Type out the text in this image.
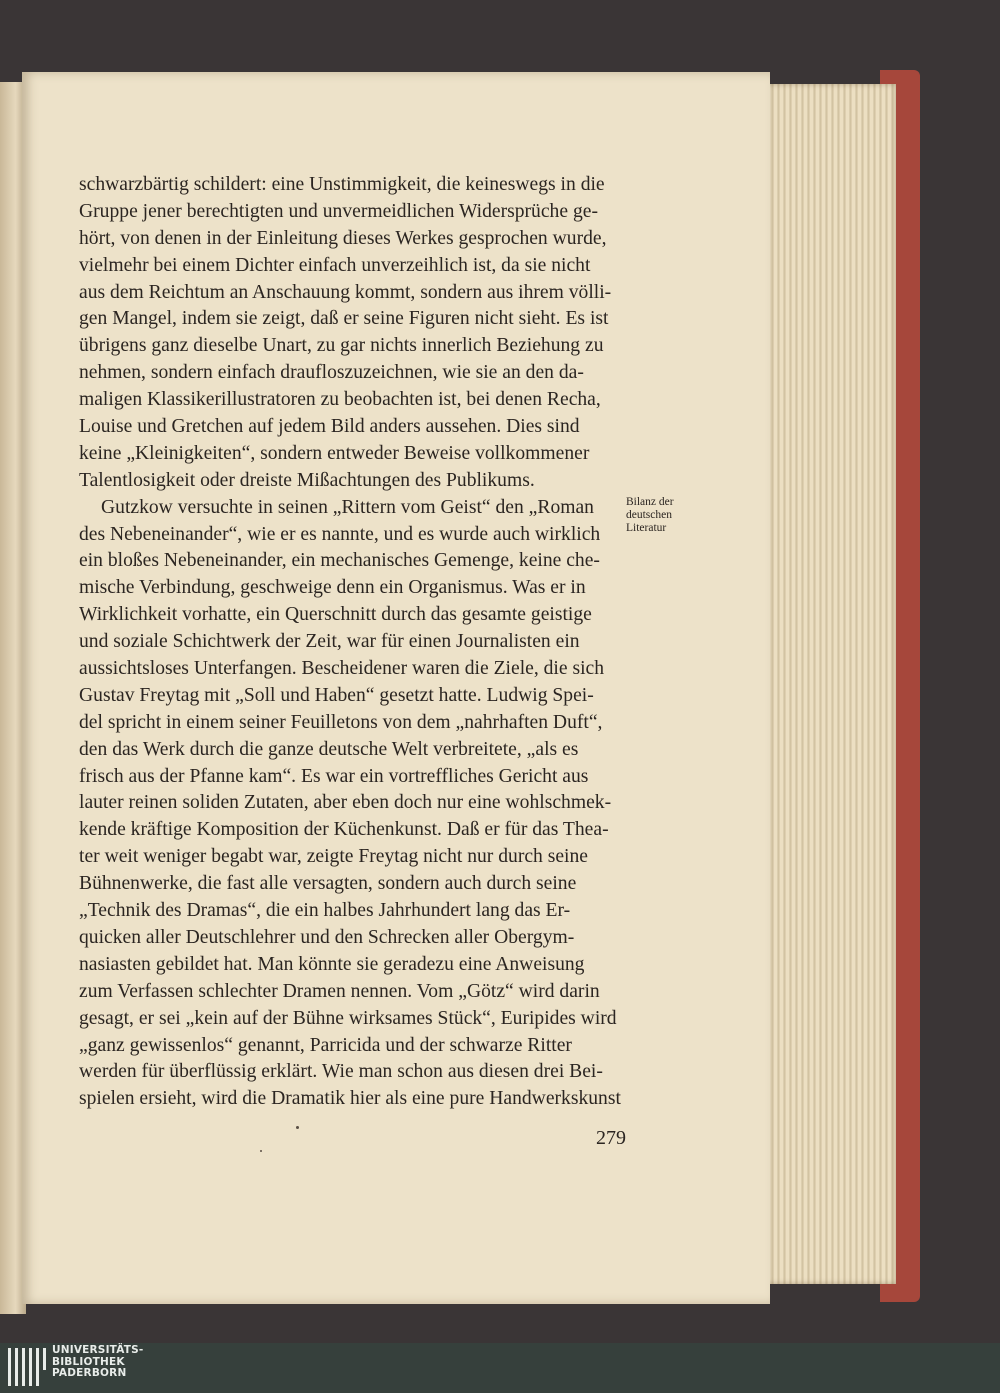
schwarzbärtig schildert: eine Unstimmigkeit, die keineswegs in die
Gruppe jener berechtigten und unvermeidlichen Widersprüche ge-
hört, von denen in der Einleitung dieses Werkes gesprochen wurde,
vielmehr bei einem Dichter einfach unverzeihlich ist, da sie nicht
aus dem Reichtum an Anschauung kommt, sondern aus ihrem völli-
gen Mangel, indem sie zeigt, daß er seine Figuren nicht sieht. Es ist
übrigens ganz dieselbe Unart, zu gar nichts innerlich Beziehung zu
nehmen, sondern einfach draufloszuzeichnen, wie sie an den da-
maligen Klassikerillustratoren zu beobachten ist, bei denen Recha,
Louise und Gretchen auf jedem Bild anders aussehen. Dies sind
keine „Kleinigkeiten“, sondern entweder Beweise vollkommener
Talentlosigkeit oder dreiste Mißachtungen des Publikums.
Gutzkow versuchte in seinen „Rittern vom Geist“ den „Roman
des Nebeneinander“, wie er es nannte, und es wurde auch wirklich
ein bloßes Nebeneinander, ein mechanisches Gemenge, keine che-
mische Verbindung, geschweige denn ein Organismus. Was er in
Wirklichkeit vorhatte, ein Querschnitt durch das gesamte geistige
und soziale Schichtwerk der Zeit, war für einen Journalisten ein
aussichtsloses Unterfangen. Bescheidener waren die Ziele, die sich
Gustav Freytag mit „Soll und Haben“ gesetzt hatte. Ludwig Spei-
del spricht in einem seiner Feuilletons von dem „nahrhaften Duft“,
den das Werk durch die ganze deutsche Welt verbreitete, „als es
frisch aus der Pfanne kam“. Es war ein vortreffliches Gericht aus
lauter reinen soliden Zutaten, aber eben doch nur eine wohlschmek-
kende kräftige Komposition der Küchenkunst. Daß er für das Thea-
ter weit weniger begabt war, zeigte Freytag nicht nur durch seine
Bühnenwerke, die fast alle versagten, sondern auch durch seine
„Technik des Dramas“, die ein halbes Jahrhundert lang das Er-
quicken aller Deutschlehrer und den Schrecken aller Obergym-
nasiasten gebildet hat. Man könnte sie geradezu eine Anweisung
zum Verfassen schlechter Dramen nennen. Vom „Götz“ wird darin
gesagt, er sei „kein auf der Bühne wirksames Stück“, Euripides wird
„ganz gewissenlos“ genannt, Parricida und der schwarze Ritter
werden für überflüssig erklärt. Wie man schon aus diesen drei Bei-
spielen ersieht, wird die Dramatik hier als eine pure Handwerkskunst
Bilanz der
deutschen
Literatur
279
UNIVERSITÄTS-
BIBLIOTHEK
PADERBORN
